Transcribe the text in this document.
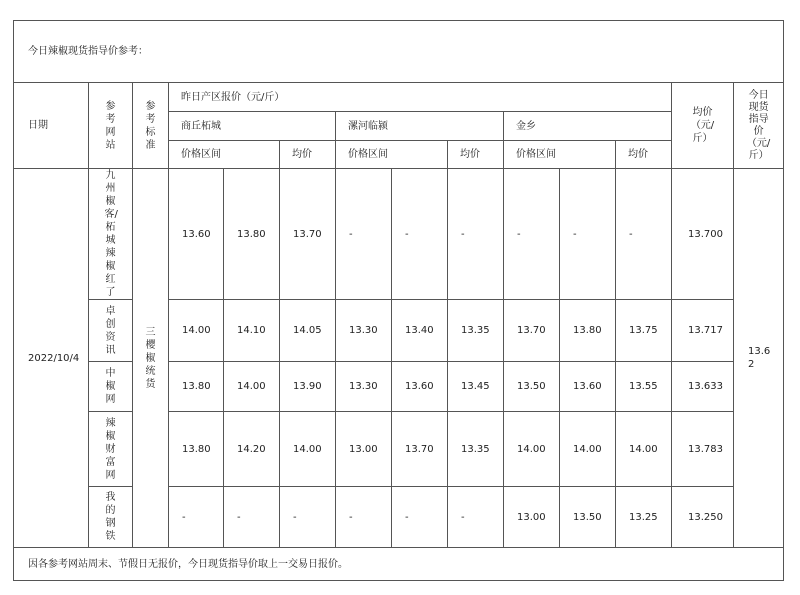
今日辣椒现货指导价参考：													
日期	参考网站	参考标准	昨日产区报价（元/斤）									均价（元/斤）	今日现货指导价（元/斤）

			商丘柘城			漯河临颍			金乡				
			价格区间		均价	价格区间		均价	价格区间		均价		
2022/10/4	九州椒客/柘城辣椒红了	三樱椒统货	13.60	13.80	13.70	-	-	-	-	-	-	13.700	13.62

	卓创资讯		14.00	14.10	14.05	13.30	13.40	13.35	13.70	13.80	13.75	13.717	

	中椒网		13.80	14.00	13.90	13.30	13.60	13.45	13.50	13.60	13.55	13.633	

	辣椒财富网		13.80	14.20	14.00	13.00	13.70	13.35	14.00	14.00	14.00	13.783	

	我的钢铁		-	-	-	-	-	-	13.00	13.50	13.25	13.250	
因各参考网站周末、节假日无报价，今日现货指导价取上一交易日报价。													
